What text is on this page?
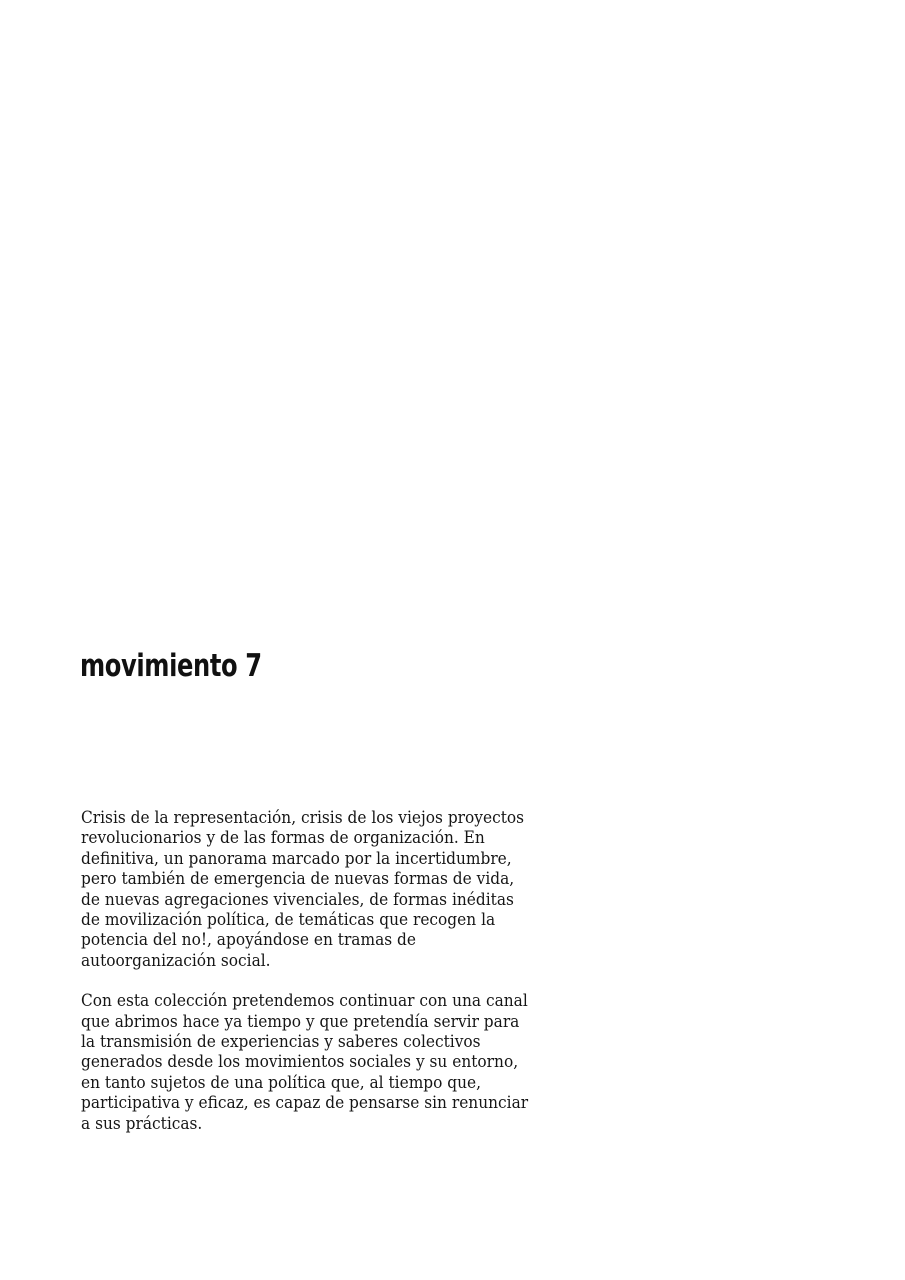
movimiento 7

Crisis de la representación, crisis de los viejos proyectos
revolucionarios y de las formas de organización. En
definitiva, un panorama marcado por la incertidumbre,
pero también de emergencia de nuevas formas de vida,
de nuevas agregaciones vivenciales, de formas inéditas
de movilización política, de temáticas que recogen la
potencia del no!, apoyándose en tramas de
autoorganización social.

Con esta colección pretendemos continuar con una canal
que abrimos hace ya tiempo y que pretendía servir para
la transmisión de experiencias y saberes colectivos
generados desde los movimientos sociales y su entorno,
en tanto sujetos de una política que, al tiempo que,
participativa y eficaz, es capaz de pensarse sin renunciar
a sus prácticas.
